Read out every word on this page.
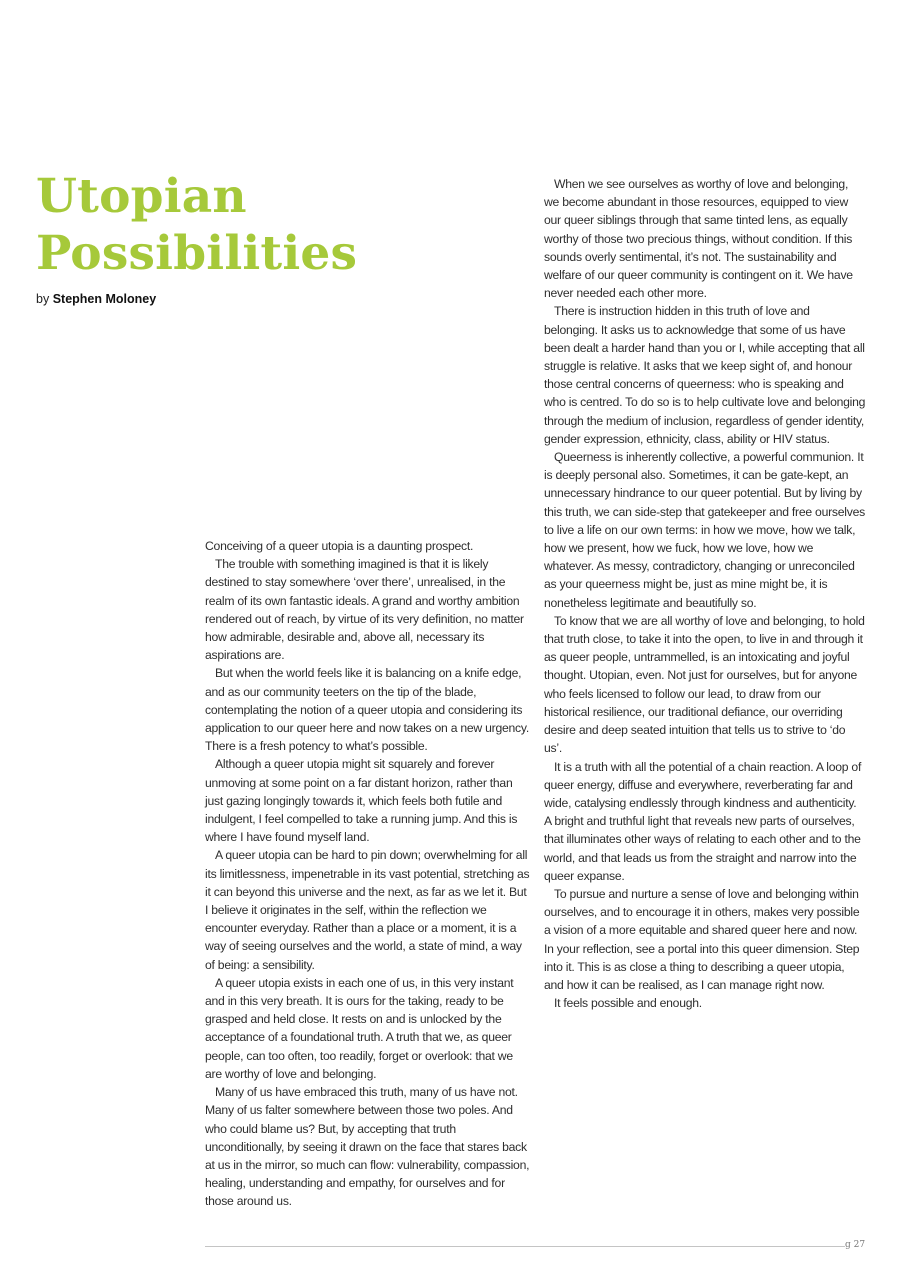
Utopian
Possibilities
by Stephen Moloney

Conceiving of a queer utopia is a daunting prospect.

The trouble with something imagined is that it is likely destined to stay somewhere ‘over there’, unrealised, in the realm of its own fantastic ideals. A grand and worthy ambition rendered out of reach, by virtue of its very definition, no matter how admirable, desirable and, above all, necessary its aspirations are.

But when the world feels like it is balancing on a knife edge, and as our community teeters on the tip of the blade, contemplating the notion of a queer utopia and considering its application to our queer here and now takes on a new urgency. There is a fresh potency to what’s possible.

Although a queer utopia might sit squarely and forever unmoving at some point on a far distant horizon, rather than just gazing longingly towards it, which feels both futile and indulgent, I feel compelled to take a running jump. And this is where I have found myself land.

A queer utopia can be hard to pin down; overwhelming for all its limitlessness, impenetrable in its vast potential, stretching as it can beyond this universe and the next, as far as we let it. But I believe it originates in the self, within the reflection we encounter everyday. Rather than a place or a moment, it is a way of seeing ourselves and the world, a state of mind, a way of being: a sensibility.

A queer utopia exists in each one of us, in this very instant and in this very breath. It is ours for the taking, ready to be grasped and held close. It rests on and is unlocked by the acceptance of a foundational truth. A truth that we, as queer people, can too often, too readily, forget or overlook: that we are worthy of love and belonging.

Many of us have embraced this truth, many of us have not. Many of us falter somewhere between those two poles. And who could blame us? But, by accepting that truth unconditionally, by seeing it drawn on the face that stares back at us in the mirror, so much can flow: vulnerability, compassion, healing, understanding and empathy, for ourselves and for those around us.

When we see ourselves as worthy of love and belonging, we become abundant in those resources, equipped to view our queer siblings through that same tinted lens, as equally worthy of those two precious things, without condition. If this sounds overly sentimental, it’s not. The sustainability and welfare of our queer community is contingent on it. We have never needed each other more.

There is instruction hidden in this truth of love and belonging. It asks us to acknowledge that some of us have been dealt a harder hand than you or I, while accepting that all struggle is relative. It asks that we keep sight of, and honour those central concerns of queerness: who is speaking and who is centred. To do so is to help cultivate love and belonging through the medium of inclusion, regardless of gender identity, gender expression, ethnicity, class, ability or HIV status.

Queerness is inherently collective, a powerful communion. It is deeply personal also. Sometimes, it can be gate-kept, an unnecessary hindrance to our queer potential. But by living by this truth, we can side-step that gatekeeper and free ourselves to live a life on our own terms: in how we move, how we talk, how we present, how we fuck, how we love, how we whatever. As messy, contradictory, changing or unreconciled as your queerness might be, just as mine might be, it is nonetheless legitimate and beautifully so.

To know that we are all worthy of love and belonging, to hold that truth close, to take it into the open, to live in and through it as queer people, untrammelled, is an intoxicating and joyful thought. Utopian, even. Not just for ourselves, but for anyone who feels licensed to follow our lead, to draw from our historical resilience, our traditional defiance, our overriding desire and deep seated intuition that tells us to strive to ‘do us’.

It is a truth with all the potential of a chain reaction. A loop of queer energy, diffuse and everywhere, reverberating far and wide, catalysing endlessly through kindness and authenticity. A bright and truthful light that reveals new parts of ourselves, that illuminates other ways of relating to each other and to the world, and that leads us from the straight and narrow into the queer expanse.

To pursue and nurture a sense of love and belonging within ourselves, and to encourage it in others, makes very possible a vision of a more equitable and shared queer here and now. In your reflection, see a portal into this queer dimension. Step into it. This is as close a thing to describing a queer utopia, and how it can be realised, as I can manage right now.

It feels possible and enough.

g 27
